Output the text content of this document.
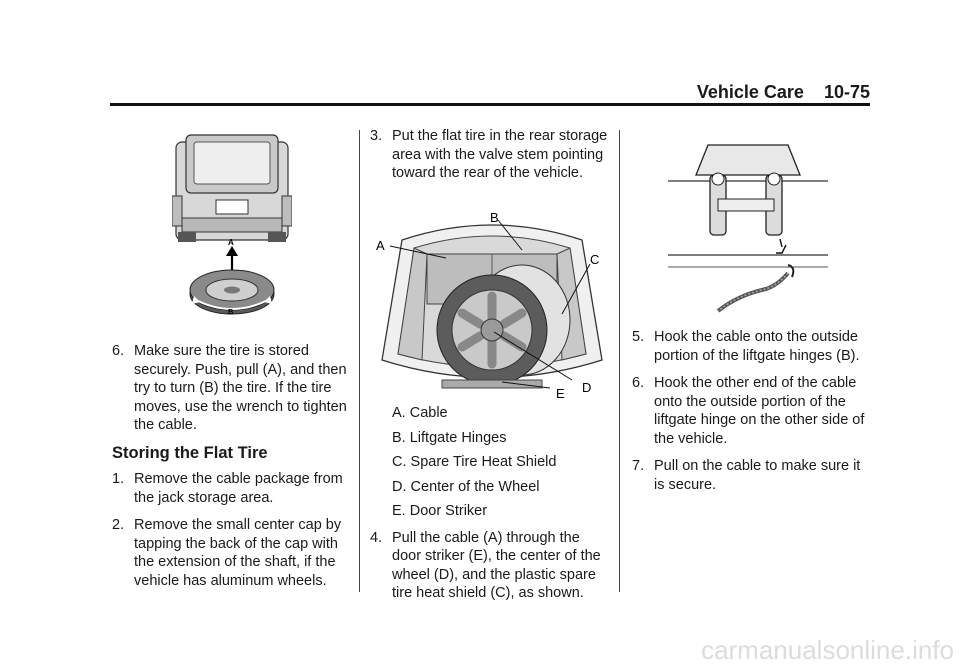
Vehicle Care 10-75
A
B
6. Make sure the tire is stored securely. Push, pull (A), and then try to turn (B) the tire. If the tire moves, use the wrench to tighten the cable.
Storing the Flat Tire
1. Remove the cable package from the jack storage area.
2. Remove the small center cap by tapping the back of the cap with the extension of the shaft, if the vehicle has aluminum wheels.
3. Put the flat tire in the rear storage area with the valve stem pointing toward the rear of the vehicle.
A
B
C
D
E
A. Cable
B. Liftgate Hinges
C. Spare Tire Heat Shield
D. Center of the Wheel
E. Door Striker
4. Pull the cable (A) through the door striker (E), the center of the wheel (D), and the plastic spare tire heat shield (C), as shown.
5. Hook the cable onto the outside portion of the liftgate hinges (B).
6. Hook the other end of the cable onto the outside portion of the liftgate hinge on the other side of the vehicle.
7. Pull on the cable to make sure it is secure.
carmanualsonline.info
